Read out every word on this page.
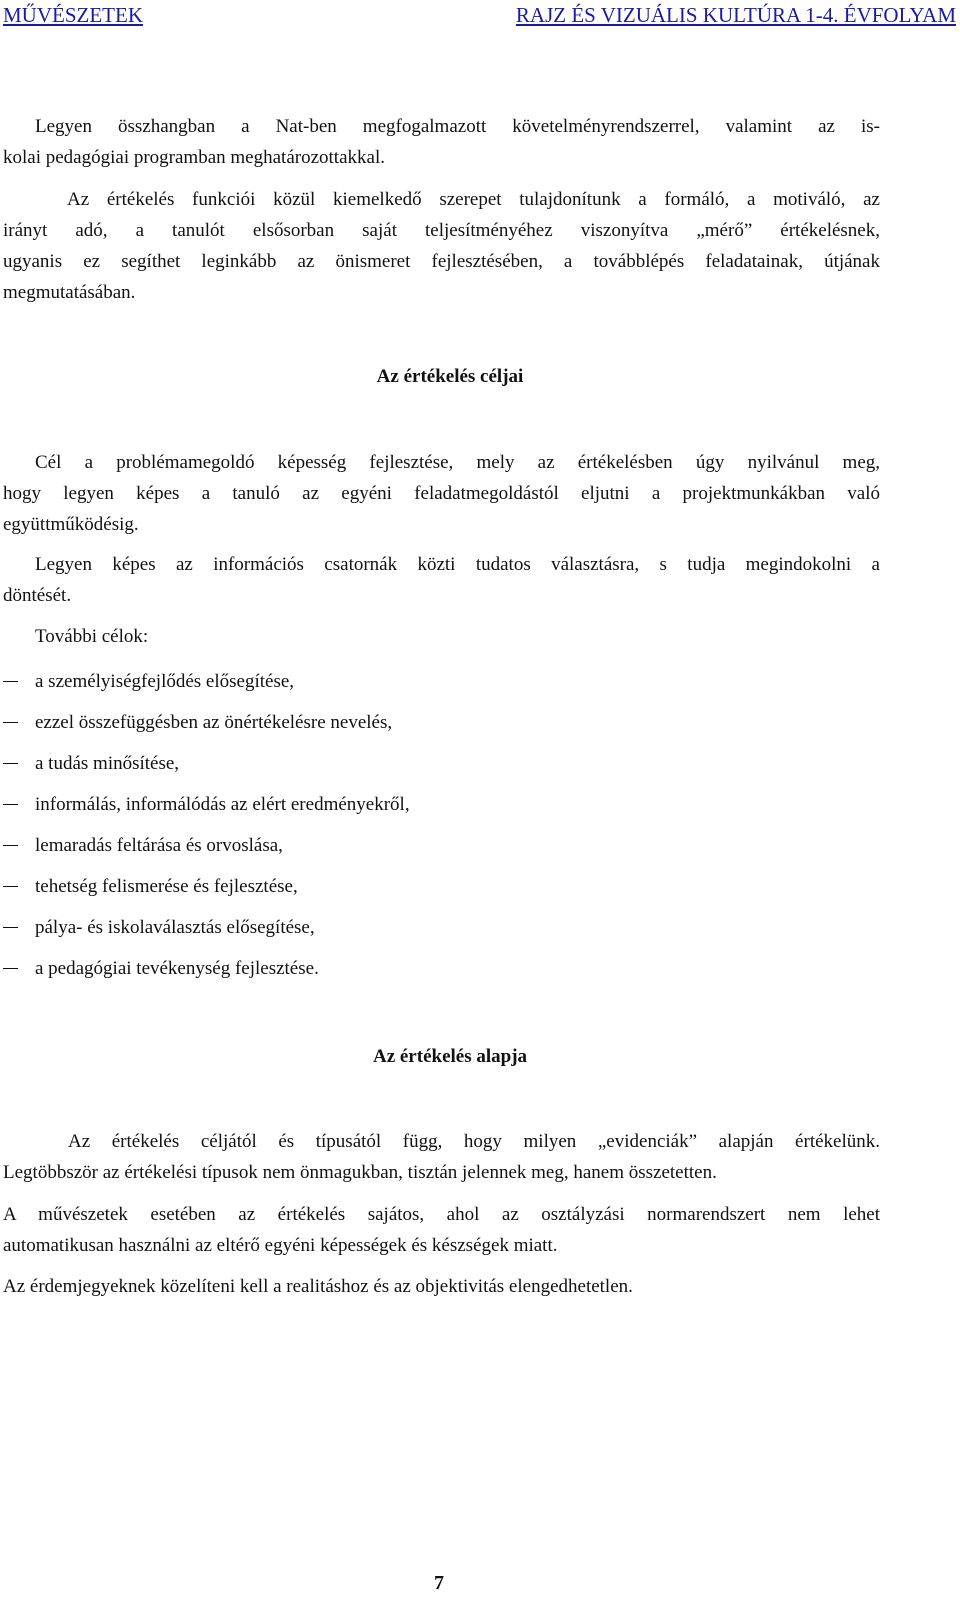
MŰVÉSZETEK	RAJZ ÉS VIZUÁLIS KULTÚRA 1-4. ÉVFOLYAM
Legyen összhangban a Nat-ben megfogalmazott követelményrendszerrel, valamint az is-
kolai pedagógiai programban meghatározottakkal.
Az értékelés funkciói közül kiemelkedő szerepet tulajdonítunk a formáló, a motiváló, az
irányt adó, a tanulót elsősorban saját teljesítményéhez viszonyítva „mérő” értékelésnek,
ugyanis ez segíthet leginkább az önismeret fejlesztésében, a továbblépés feladatainak, útjának
megmutatásában.
Az értékelés céljai
Cél a problémamegoldó képesség fejlesztése, mely az értékelésben úgy nyilvánul meg,
hogy legyen képes a tanuló az egyéni feladatmegoldástól eljutni a projektmunkákban való
együttműködésig.
Legyen képes az információs csatornák közti tudatos választásra, s tudja megindokolni a
döntését.
További célok:
a személyiségfejlődés elősegítése,
ezzel összefüggésben az önértékelésre nevelés,
a tudás minősítése,
informálás, informálódás az elért eredményekről,
lemaradás feltárása és orvoslása,
tehetség felismerése és fejlesztése,
pálya- és iskolaválasztás elősegítése,
a pedagógiai tevékenység fejlesztése.
Az értékelés alapja
Az értékelés céljától és típusától függ, hogy milyen „evidenciák” alapján értékelünk.
Legtöbbször az értékelési típusok nem önmagukban, tisztán jelennek meg, hanem összetetten.
A művészetek esetében az értékelés sajátos, ahol az osztályzási normarendszert nem lehet
automatikusan használni az eltérő egyéni képességek és készségek miatt.
Az érdemjegyeknek közelíteni kell a realitáshoz és az objektivitás elengedhetetlen.
7
